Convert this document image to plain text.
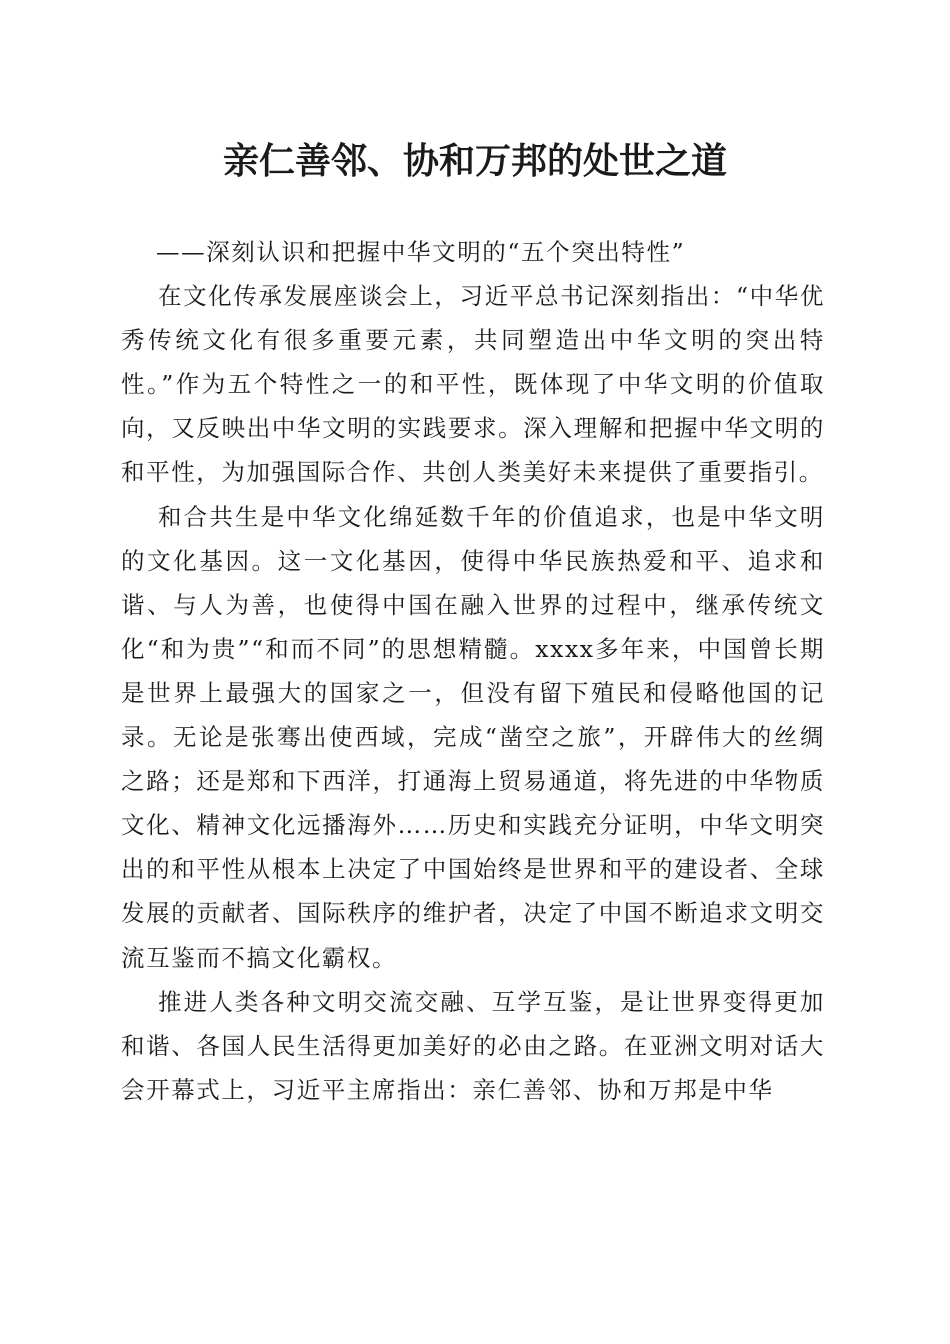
亲仁善邻、协和万邦的处世之道

——深刻认识和把握中华文明的“五个突出特性”

在文化传承发展座谈会上，习近平总书记深刻指出：“中华优秀传统文化有很多重要元素，共同塑造出中华文明的突出特性。”作为五个特性之一的和平性，既体现了中华文明的价值取向，又反映出中华文明的实践要求。深入理解和把握中华文明的和平性，为加强国际合作、共创人类美好未来提供了重要指引。

和合共生是中华文化绵延数千年的价值追求，也是中华文明的文化基因。这一文化基因，使得中华民族热爱和平、追求和谐、与人为善，也使得中国在融入世界的过程中，继承传统文化“和为贵”“和而不同”的思想精髓。xxxx多年来，中国曾长期是世界上最强大的国家之一，但没有留下殖民和侵略他国的记录。无论是张骞出使西域，完成“凿空之旅”，开辟伟大的丝绸之路；还是郑和下西洋，打通海上贸易通道，将先进的中华物质文化、精神文化远播海外……历史和实践充分证明，中华文明突出的和平性从根本上决定了中国始终是世界和平的建设者、全球发展的贡献者、国际秩序的维护者，决定了中国不断追求文明交流互鉴而不搞文化霸权。

推进人类各种文明交流交融、互学互鉴，是让世界变得更加和谐、各国人民生活得更加美好的必由之路。在亚洲文明对话大会开幕式上，习近平主席指出：亲仁善邻、协和万邦是中华
